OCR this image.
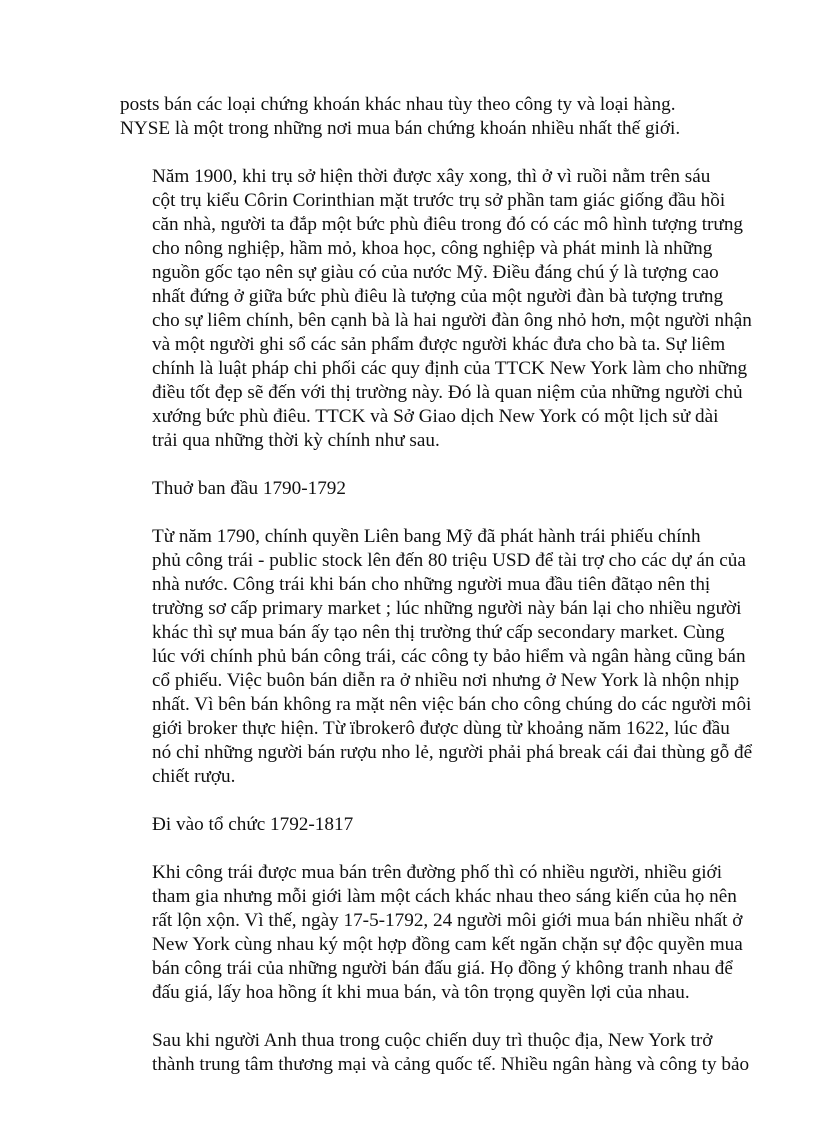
posts bán các loại chứng khoán khác nhau tùy theo công ty và loại hàng.
NYSE là một trong những nơi mua bán chứng khoán nhiều nhất thế giới.

Năm 1900, khi trụ sở hiện thời được xây xong, thì ở vì ruồi nằm trên sáu
cột trụ kiểu Côrin Corinthian mặt trước trụ sở phần tam giác giống đầu hồi
căn nhà, người ta đắp một bức phù điêu trong đó có các mô hình tượng trưng
cho nông nghiệp, hầm mỏ, khoa học, công nghiệp và phát minh là những
nguồn gốc tạo nên sự giàu có của nước Mỹ. Điều đáng chú ý là tượng cao
nhất đứng ở giữa bức phù điêu là tượng của một người đàn bà tượng trưng
cho sự liêm chính, bên cạnh bà là hai người đàn ông nhỏ hơn, một người nhận
và một người ghi sổ các sản phẩm được người khác đưa cho bà ta. Sự liêm
chính là luật pháp chi phối các quy định của TTCK New York làm cho những
điều tốt đẹp sẽ đến với thị trường này. Đó là quan niệm của những người chủ
xướng bức phù điêu. TTCK và Sở Giao dịch New York có một lịch sử dài
trải qua những thời kỳ chính như sau.

Thuở ban đầu 1790-1792

Từ năm 1790, chính quyền Liên bang Mỹ đã phát hành trái phiếu chính
phủ công trái - public stock lên đến 80 triệu USD để tài trợ cho các dự án của
nhà nước. Công trái khi bán cho những người mua đầu tiên đãtạo nên thị
trường sơ cấp primary market ; lúc những người này bán lại cho nhiều người
khác thì sự mua bán ấy tạo nên thị trường thứ cấp secondary market. Cùng
lúc với chính phủ bán công trái, các công ty bảo hiểm và ngân hàng cũng bán
cổ phiếu. Việc buôn bán diễn ra ở nhiều nơi nhưng ở New York là nhộn nhịp
nhất. Vì bên bán không ra mặt nên việc bán cho công chúng do các người môi
giới broker thực hiện. Từ ïbrokerô được dùng từ khoảng năm 1622, lúc đầu
nó chỉ những người bán rượu nho lẻ, người phải phá break cái đai thùng gỗ để
chiết rượu.

Đi vào tổ chức 1792-1817

Khi công trái được mua bán trên đường phố thì có nhiều người, nhiều giới
tham gia nhưng mỗi giới làm một cách khác nhau theo sáng kiến của họ nên
rất lộn xộn. Vì thế, ngày 17-5-1792, 24 người môi giới mua bán nhiều nhất ở
New York cùng nhau ký một hợp đồng cam kết ngăn chặn sự độc quyền mua
bán công trái của những người bán đấu giá. Họ đồng ý không tranh nhau để
đấu giá, lấy hoa hồng ít khi mua bán, và tôn trọng quyền lợi của nhau.

Sau khi người Anh thua trong cuộc chiến duy trì thuộc địa, New York trở
thành trung tâm thương mại và cảng quốc tế. Nhiều ngân hàng và công ty bảo
